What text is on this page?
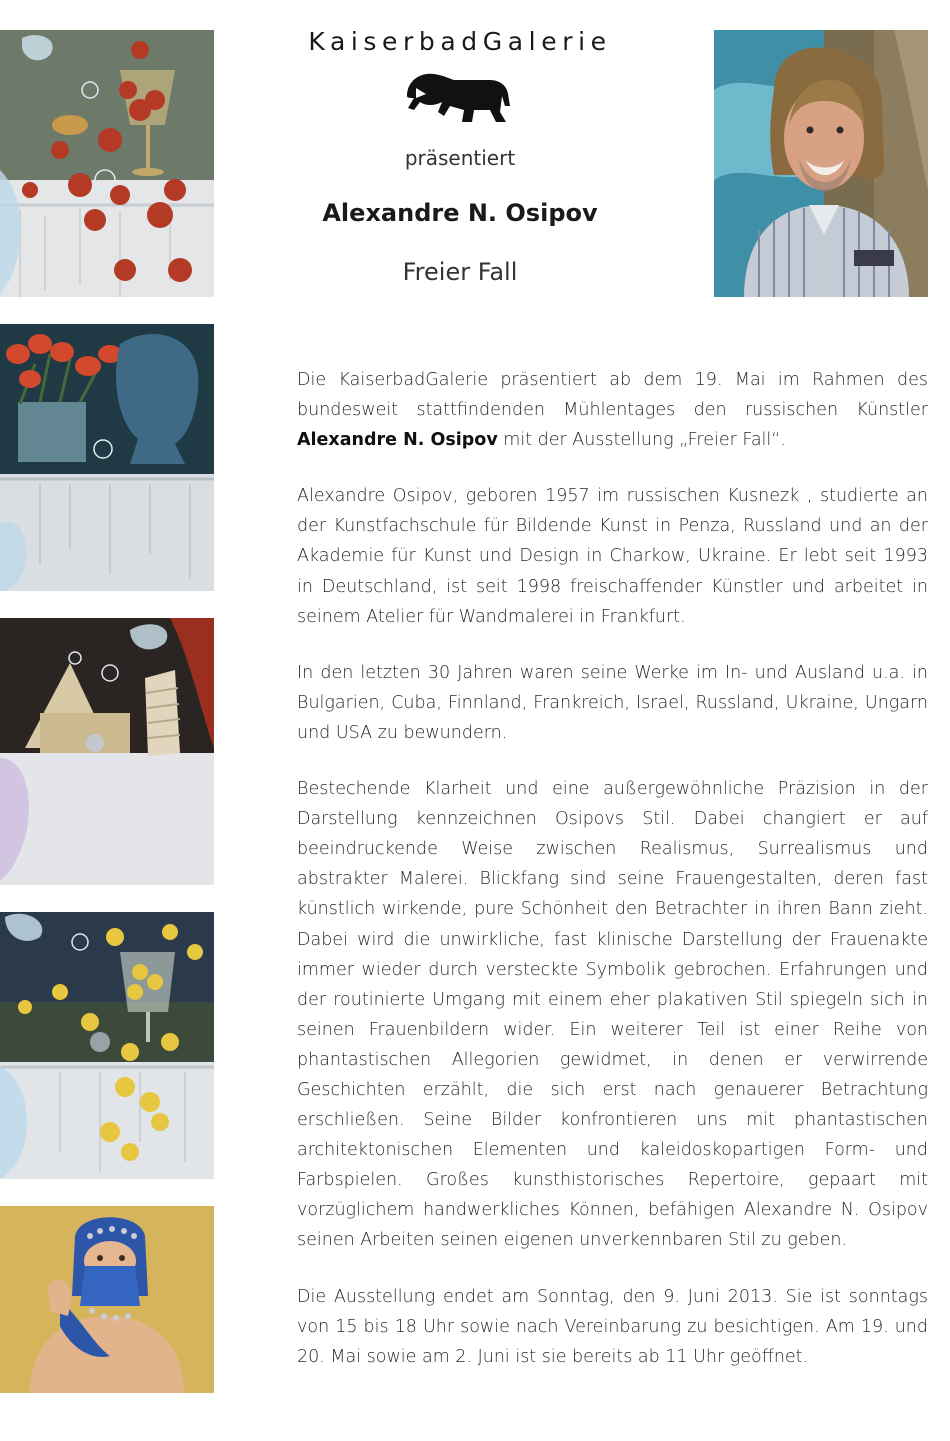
KaiserbadGalerie
präsentiert
Alexandre N. Osipov
Freier Fall

Die KaiserbadGalerie präsentiert ab dem 19. Mai im Rahmen des bundesweit stattfindenden Mühlentages den russischen Künstler Alexandre N. Osipov mit der Ausstellung „Freier Fall“.

Alexandre Osipov, geboren 1957 im russischen Kusnezk , studierte an der Kunstfachschule für Bildende Kunst in Penza, Russland und an der Akademie für Kunst und Design in Charkow, Ukraine. Er lebt seit 1993 in Deutschland, ist seit 1998 freischaffender Künstler und arbeitet in seinem Atelier für Wandmalerei in Frankfurt.

In den letzten 30 Jahren waren seine Werke im In- und Ausland u.a. in Bulgarien, Cuba, Finnland, Frankreich, Israel, Russland, Ukraine, Ungarn und USA zu bewundern.

Bestechende Klarheit und eine außergewöhnliche Präzision in der Darstellung kennzeichnen Osipovs Stil. Dabei changiert er auf beeindruckende Weise zwischen Realismus, Surrealismus und abstrakter Malerei. Blickfang sind seine Frauengestalten, deren fast künstlich wirkende, pure Schönheit den Betrachter in ihren Bann zieht. Dabei wird die unwirkliche, fast klinische Darstellung der Frauenakte immer wieder durch versteckte Symbolik gebrochen. Erfahrungen und der routinierte Umgang mit einem eher plakativen Stil spiegeln sich in seinen Frauenbildern wider. Ein weiterer Teil ist einer Reihe von phantastischen Allegorien gewidmet, in denen er verwirrende Geschichten erzählt, die sich erst nach genauerer Betrachtung erschließen. Seine Bilder konfrontieren uns mit phantastischen architektonischen Elementen und kaleidoskopartigen Form- und Farbspielen. Großes kunsthistorisches Repertoire, gepaart mit vorzüglichem handwerkliches Können, befähigen Alexandre N. Osipov seinen Arbeiten seinen eigenen unverkennbaren Stil zu geben.

Die Ausstellung endet am Sonntag, den 9. Juni 2013. Sie ist sonntags von 15 bis 18 Uhr sowie nach Vereinbarung zu besichtigen. Am 19. und 20. Mai sowie am 2. Juni ist sie bereits ab 11 Uhr geöffnet.
